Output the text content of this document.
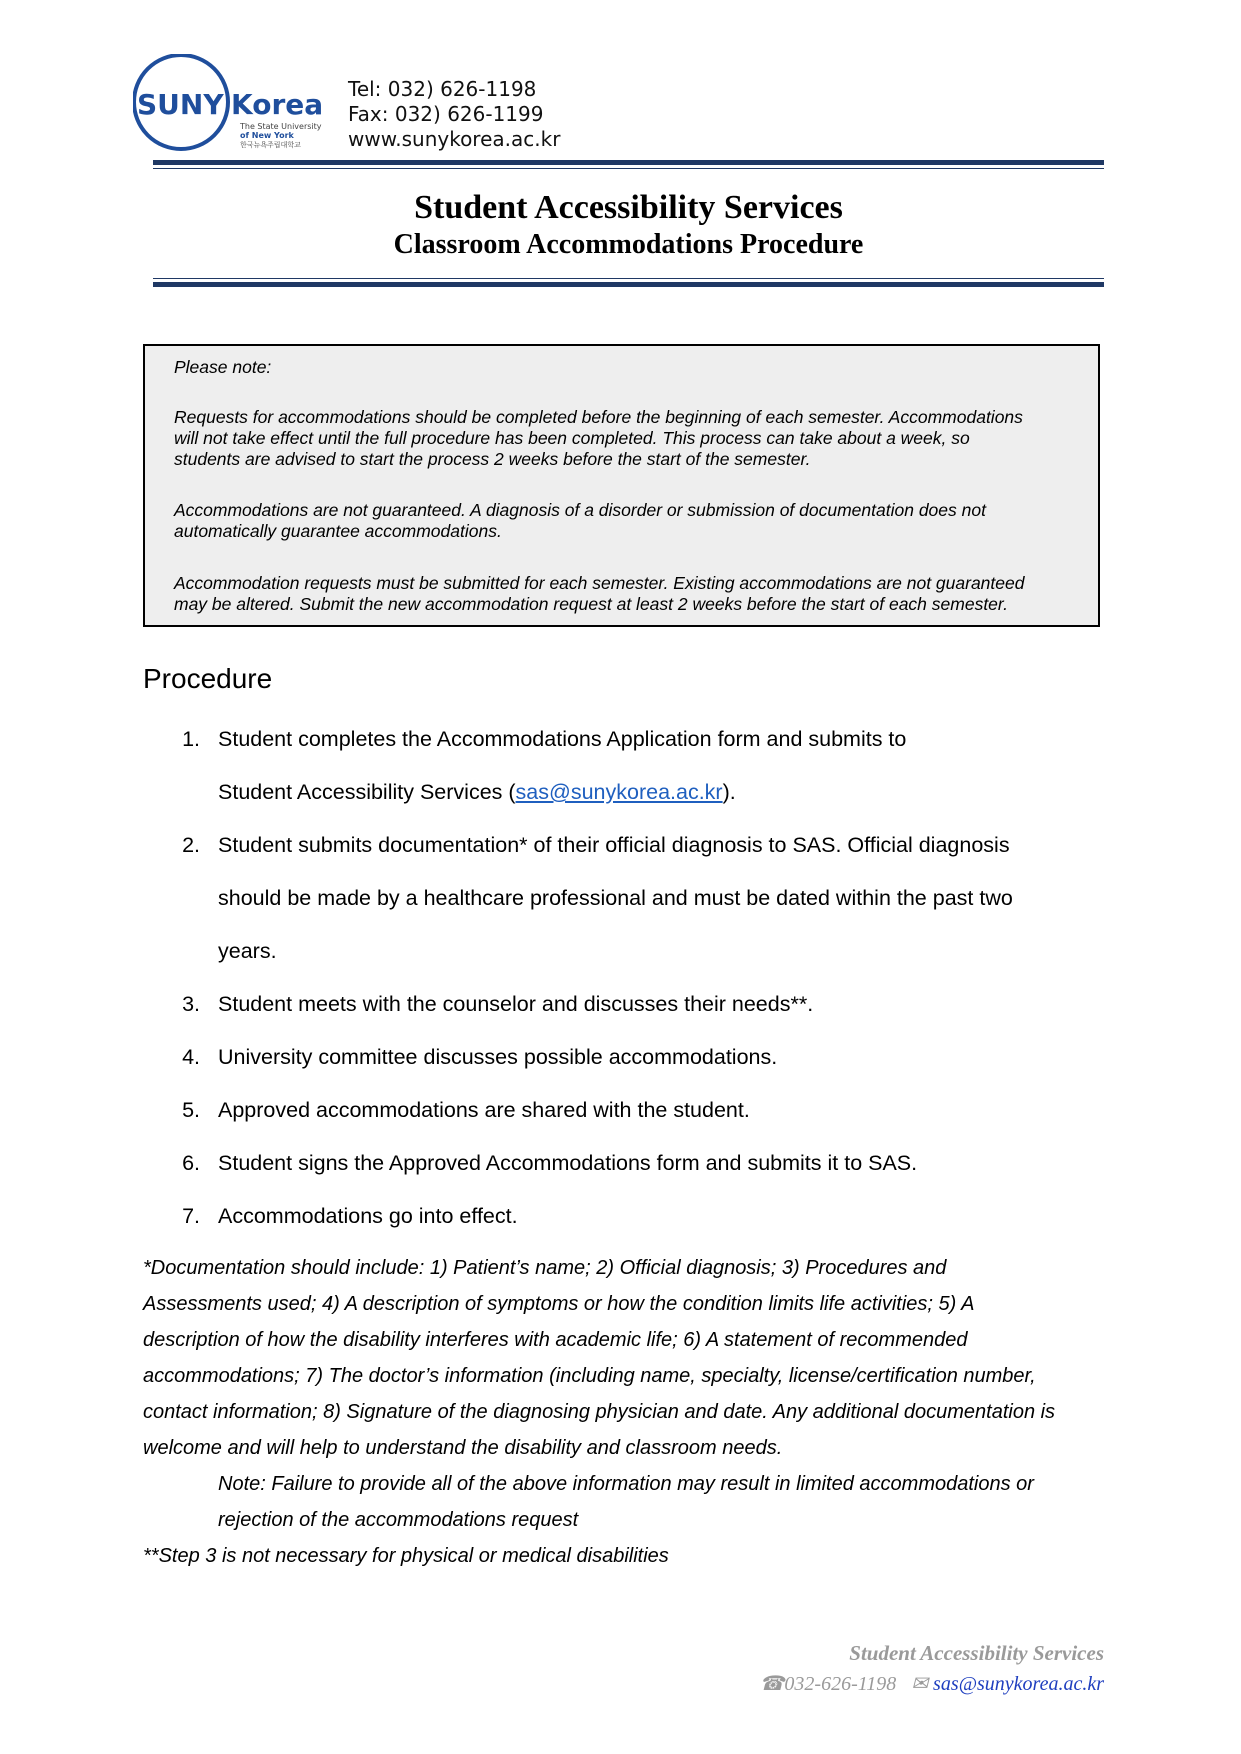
SUNY Korea
The State University
of New York
한국뉴욕주립대학교
Tel: 032) 626-1198
Fax: 032) 626-1199
www.sunykorea.ac.kr
Student Accessibility Services
Classroom Accommodations Procedure
Please note:
Requests for accommodations should be completed before the beginning of each semester. Accommodations
will not take effect until the full procedure has been completed. This process can take about a week, so
students are advised to start the process 2 weeks before the start of the semester.
Accommodations are not guaranteed. A diagnosis of a disorder or submission of documentation does not
automatically guarantee accommodations.
Accommodation requests must be submitted for each semester. Existing accommodations are not guaranteed
may be altered. Submit the new accommodation request at least 2 weeks before the start of each semester.
Procedure
1. Student completes the Accommodations Application form and submits to
Student Accessibility Services (sas@sunykorea.ac.kr).
2. Student submits documentation* of their official diagnosis to SAS. Official diagnosis
should be made by a healthcare professional and must be dated within the past two
years.
3. Student meets with the counselor and discusses their needs**.
4. University committee discusses possible accommodations.
5. Approved accommodations are shared with the student.
6. Student signs the Approved Accommodations form and submits it to SAS.
7. Accommodations go into effect.
*Documentation should include: 1) Patient’s name; 2) Official diagnosis; 3) Procedures and
Assessments used; 4) A description of symptoms or how the condition limits life activities; 5) A
description of how the disability interferes with academic life; 6) A statement of recommended
accommodations; 7) The doctor’s information (including name, specialty, license/certification number,
contact information; 8) Signature of the diagnosing physician and date. Any additional documentation is
welcome and will help to understand the disability and classroom needs.
Note: Failure to provide all of the above information may result in limited accommodations or
rejection of the accommodations request
**Step 3 is not necessary for physical or medical disabilities
Student Accessibility Services
☎032-626-1198 ✉ sas@sunykorea.ac.kr
